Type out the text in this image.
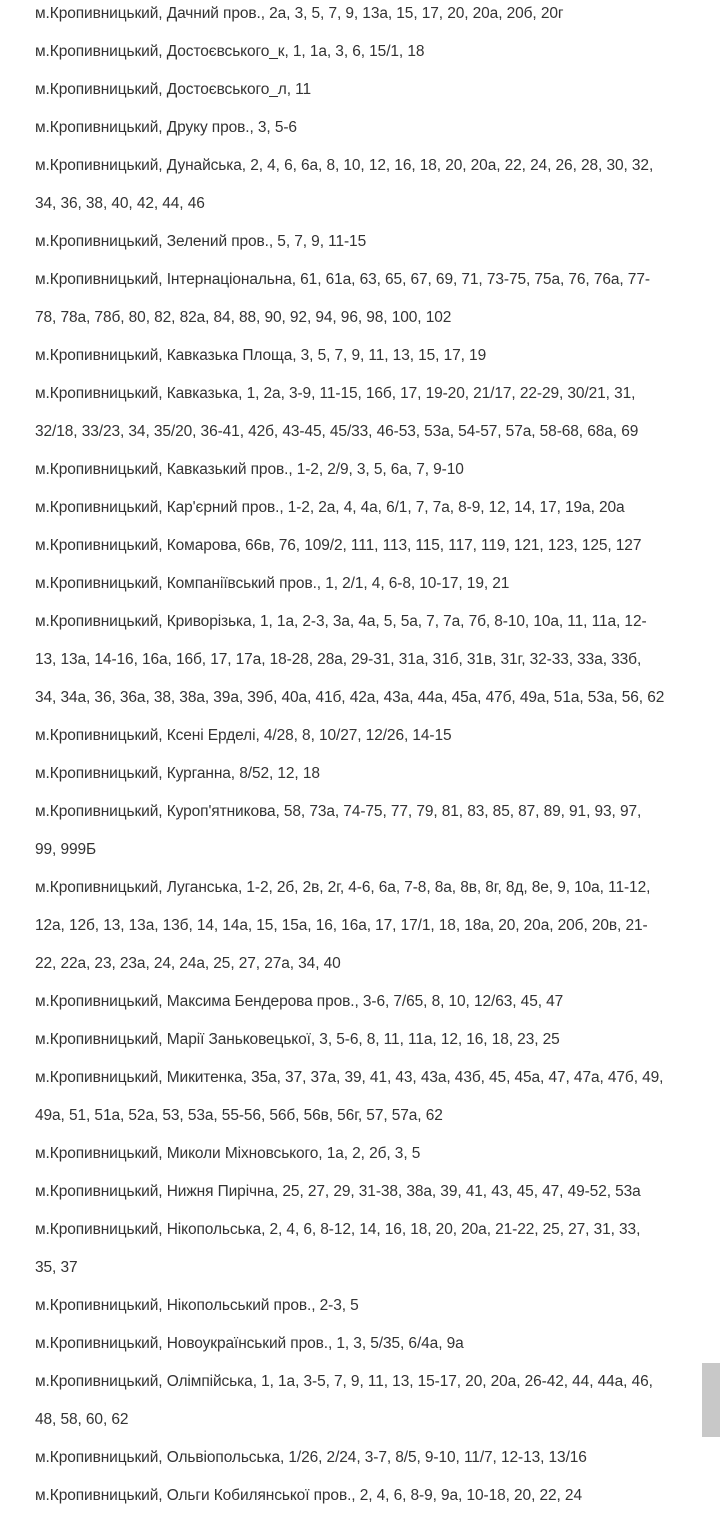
м.Кропивницький, Дачний пров., 2а, 3, 5, 7, 9, 13а, 15, 17, 20, 20а, 20б, 20г
м.Кропивницький, Достоєвського_к, 1, 1а, 3, 6, 15/1, 18
м.Кропивницький, Достоєвського_л, 11
м.Кропивницький, Друку пров., 3, 5-6
м.Кропивницький, Дунайська, 2, 4, 6, 6а, 8, 10, 12, 16, 18, 20, 20а, 22, 24, 26, 28, 30, 32, 34, 36, 38, 40, 42, 44, 46
м.Кропивницький, Зелений пров., 5, 7, 9, 11-15
м.Кропивницький, Інтернаціональна, 61, 61а, 63, 65, 67, 69, 71, 73-75, 75а, 76, 76а, 77-78, 78а, 78б, 80, 82, 82а, 84, 88, 90, 92, 94, 96, 98, 100, 102
м.Кропивницький, Кавказька Площа, 3, 5, 7, 9, 11, 13, 15, 17, 19
м.Кропивницький, Кавказька, 1, 2а, 3-9, 11-15, 16б, 17, 19-20, 21/17, 22-29, 30/21, 31, 32/18, 33/23, 34, 35/20, 36-41, 42б, 43-45, 45/33, 46-53, 53а, 54-57, 57а, 58-68, 68а, 69
м.Кропивницький, Кавказький пров., 1-2, 2/9, 3, 5, 6а, 7, 9-10
м.Кропивницький, Кар'єрний пров., 1-2, 2а, 4, 4а, 6/1, 7, 7а, 8-9, 12, 14, 17, 19а, 20а
м.Кропивницький, Комарова, 66в, 76, 109/2, 111, 113, 115, 117, 119, 121, 123, 125, 127
м.Кропивницький, Компаніївський пров., 1, 2/1, 4, 6-8, 10-17, 19, 21
м.Кропивницький, Криворізька, 1, 1а, 2-3, 3а, 4а, 5, 5а, 7, 7а, 7б, 8-10, 10а, 11, 11а, 12-13, 13а, 14-16, 16а, 16б, 17, 17а, 18-28, 28а, 29-31, 31а, 31б, 31в, 31г, 32-33, 33а, 33б, 34, 34а, 36, 36а, 38, 38а, 39а, 39б, 40а, 41б, 42а, 43а, 44а, 45а, 47б, 49а, 51а, 53а, 56, 62
м.Кропивницький, Ксені Ерделі, 4/28, 8, 10/27, 12/26, 14-15
м.Кропивницький, Курганна, 8/52, 12, 18
м.Кропивницький, Куроп'ятникова, 58, 73а, 74-75, 77, 79, 81, 83, 85, 87, 89, 91, 93, 97, 99, 999Б
м.Кропивницький, Луганська, 1-2, 2б, 2в, 2г, 4-6, 6а, 7-8, 8а, 8в, 8г, 8д, 8е, 9, 10а, 11-12, 12а, 12б, 13, 13а, 13б, 14, 14а, 15, 15а, 16, 16а, 17, 17/1, 18, 18а, 20, 20а, 20б, 20в, 21-22, 22а, 23, 23а, 24, 24а, 25, 27, 27а, 34, 40
м.Кропивницький, Максима Бендерова пров., 3-6, 7/65, 8, 10, 12/63, 45, 47
м.Кропивницький, Марії Заньковецької, 3, 5-6, 8, 11, 11а, 12, 16, 18, 23, 25
м.Кропивницький, Микитенка, 35а, 37, 37а, 39, 41, 43, 43а, 43б, 45, 45а, 47, 47а, 47б, 49, 49а, 51, 51а, 52а, 53, 53а, 55-56, 56б, 56в, 56г, 57, 57а, 62
м.Кропивницький, Миколи Міхновського, 1а, 2, 2б, 3, 5
м.Кропивницький, Нижня Пирічна, 25, 27, 29, 31-38, 38а, 39, 41, 43, 45, 47, 49-52, 53а
м.Кропивницький, Нікопольська, 2, 4, 6, 8-12, 14, 16, 18, 20, 20а, 21-22, 25, 27, 31, 33, 35, 37
м.Кропивницький, Нікопольський пров., 2-3, 5
м.Кропивницький, Новоукраїнський пров., 1, 3, 5/35, 6/4а, 9а
м.Кропивницький, Олімпійська, 1, 1а, 3-5, 7, 9, 11, 13, 15-17, 20, 20а, 26-42, 44, 44а, 46, 48, 58, 60, 62
м.Кропивницький, Ольвіопольська, 1/26, 2/24, 3-7, 8/5, 9-10, 11/7, 12-13, 13/16
м.Кропивницький, Ольги Кобилянської пров., 2, 4, 6, 8-9, 9а, 10-18, 20, 22, 24
